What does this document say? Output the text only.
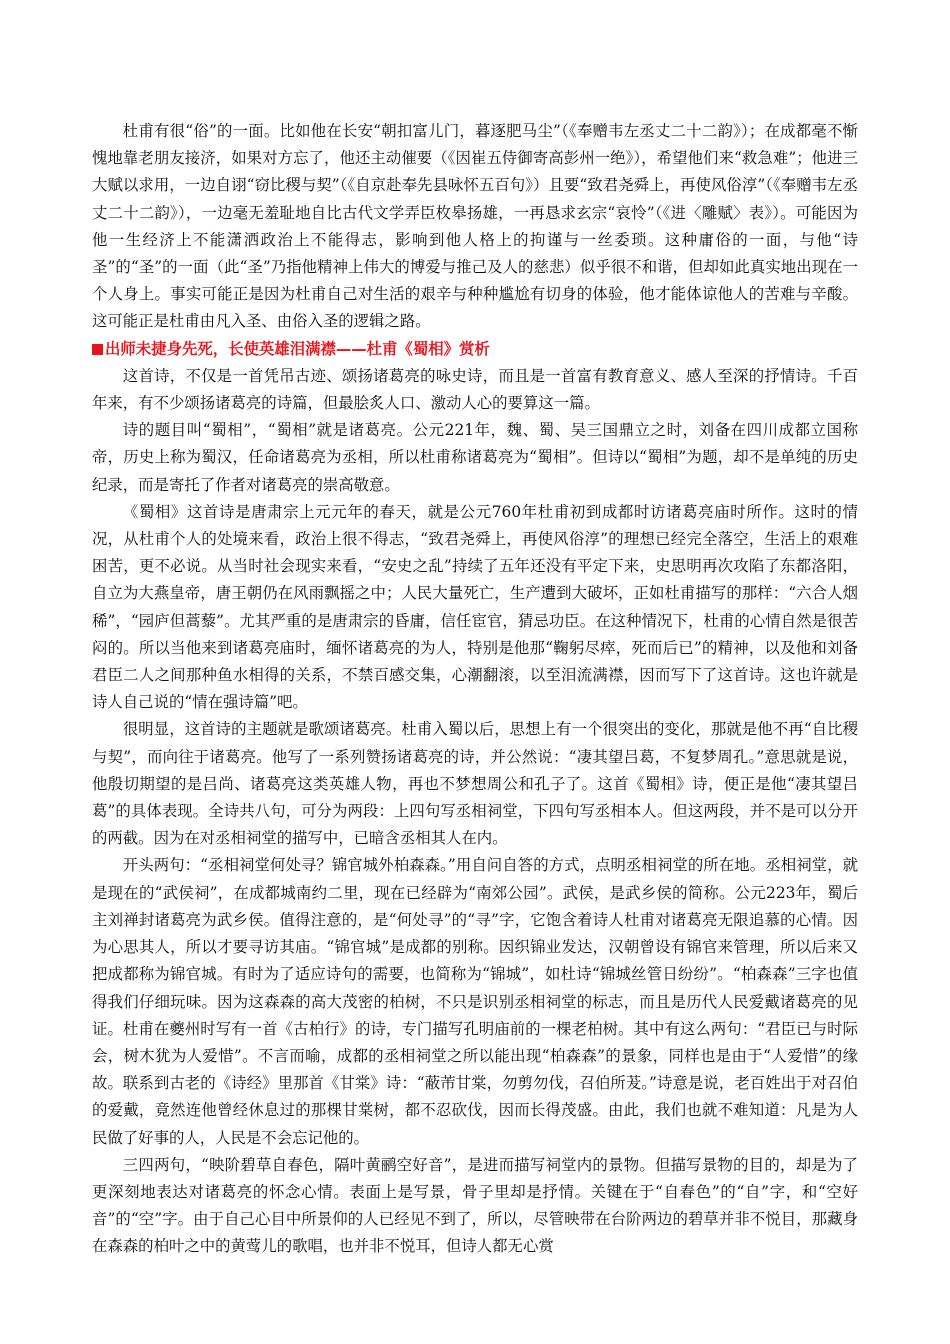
杜甫有很“俗”的一面。比如他在长安“朝扣富儿门，暮逐肥马尘”（《奉赠韦左丞丈二十二韵》）；在成都毫不惭愧地靠老朋友接济，如果对方忘了，他还主动催要（《因崔五侍御寄高彭州一绝》），希望他们来“救急难”；他进三大赋以求用，一边自诩“窃比稷与契”（《自京赴奉先县咏怀五百句》）且要“致君尧舜上，再使风俗淳”（《奉赠韦左丞丈二十二韵》），一边毫无羞耻地自比古代文学弄臣枚皋扬雄，一再恳求玄宗“哀怜”（《进〈雕赋〉表》）。可能因为他一生经济上不能潇洒政治上不能得志，影响到他人格上的拘谨与一丝委琐。这种庸俗的一面，与他“诗圣”的“圣”的一面（此“圣”乃指他精神上伟大的博爱与推己及人的慈悲）似乎很不和谐，但却如此真实地出现在一个人身上。事实可能正是因为杜甫自己对生活的艰辛与种种尴尬有切身的体验，他才能体谅他人的苦难与辛酸。这可能正是杜甫由凡入圣、由俗入圣的逻辑之路。

出师未捷身先死，长使英雄泪满襟——杜甫《蜀相》赏析

这首诗，不仅是一首凭吊古迹、颂扬诸葛亮的咏史诗，而且是一首富有教育意义、感人至深的抒情诗。千百年来，有不少颂扬诸葛亮的诗篇，但最脍炙人口、激动人心的要算这一篇。

诗的题目叫“蜀相”，“蜀相”就是诸葛亮。公元221年，魏、蜀、吴三国鼎立之时，刘备在四川成都立国称帝，历史上称为蜀汉，任命诸葛亮为丞相，所以杜甫称诸葛亮为“蜀相”。但诗以“蜀相”为题，却不是单纯的历史纪录，而是寄托了作者对诸葛亮的崇高敬意。

《蜀相》这首诗是唐肃宗上元元年的春天，就是公元760年杜甫初到成都时访诸葛亮庙时所作。这时的情况，从杜甫个人的处境来看，政治上很不得志，“致君尧舜上，再使风俗淳”的理想已经完全落空，生活上的艰难困苦，更不必说。从当时社会现实来看，“安史之乱”持续了五年还没有平定下来，史思明再次攻陷了东都洛阳，自立为大燕皇帝，唐王朝仍在风雨飘摇之中；人民大量死亡，生产遭到大破坏，正如杜甫描写的那样：“六合人烟稀”，“园庐但蒿藜”。尤其严重的是唐肃宗的昏庸，信任宦官，猜忌功臣。在这种情况下，杜甫的心情自然是很苦闷的。所以当他来到诸葛亮庙时，缅怀诸葛亮的为人，特别是他那“鞠躬尽瘁，死而后已”的精神，以及他和刘备君臣二人之间那种鱼水相得的关系，不禁百感交集，心潮翻滚，以至泪流满襟，因而写下了这首诗。这也许就是诗人自己说的“情在强诗篇”吧。

很明显，这首诗的主题就是歌颂诸葛亮。杜甫入蜀以后，思想上有一个很突出的变化，那就是他不再“自比稷与契”，而向往于诸葛亮。他写了一系列赞扬诸葛亮的诗，并公然说：“凄其望吕葛，不复梦周孔。”意思就是说，他殷切期望的是吕尚、诸葛亮这类英雄人物，再也不梦想周公和孔子了。这首《蜀相》诗，便正是他“凄其望吕葛”的具体表现。全诗共八句，可分为两段：上四句写丞相祠堂，下四句写丞相本人。但这两段，并不是可以分开的两截。因为在对丞相祠堂的描写中，已暗含丞相其人在内。

开头两句：“丞相祠堂何处寻？锦官城外柏森森。”用自问自答的方式，点明丞相祠堂的所在地。丞相祠堂，就是现在的“武侯祠”，在成都城南约二里，现在已经辟为“南郊公园”。武侯，是武乡侯的简称。公元223年，蜀后主刘禅封诸葛亮为武乡侯。值得注意的，是“何处寻”的“寻”字，它饱含着诗人杜甫对诸葛亮无限追慕的心情。因为心思其人，所以才要寻访其庙。“锦官城”是成都的别称。因织锦业发达，汉朝曾设有锦官来管理，所以后来又把成都称为锦官城。有时为了适应诗句的需要，也简称为“锦城”，如杜诗“锦城丝管日纷纷”。“柏森森”三字也值得我们仔细玩味。因为这森森的高大茂密的柏树，不只是识别丞相祠堂的标志，而且是历代人民爱戴诸葛亮的见证。杜甫在夔州时写有一首《古柏行》的诗，专门描写孔明庙前的一棵老柏树。其中有这么两句：“君臣已与时际会，树木犹为人爱惜”。不言而喻，成都的丞相祠堂之所以能出现“柏森森”的景象，同样也是由于“人爱惜”的缘故。联系到古老的《诗经》里那首《甘棠》诗：“蔽芾甘棠，勿剪勿伐，召伯所茇。”诗意是说，老百姓出于对召伯的爱戴，竟然连他曾经休息过的那棵甘棠树，都不忍砍伐，因而长得茂盛。由此，我们也就不难知道：凡是为人民做了好事的人，人民是不会忘记他的。

三四两句，“映阶碧草自春色，隔叶黄鹂空好音”，是进而描写祠堂内的景物。但描写景物的目的，却是为了更深刻地表达对诸葛亮的怀念心情。表面上是写景，骨子里却是抒情。关键在于“自春色”的“自”字，和“空好音”的“空”字。由于自己心目中所景仰的人已经见不到了，所以，尽管映带在台阶两边的碧草并非不悦目，那藏身在森森的柏叶之中的黄莺儿的歌唱，也并非不悦耳，但诗人都无心赏
